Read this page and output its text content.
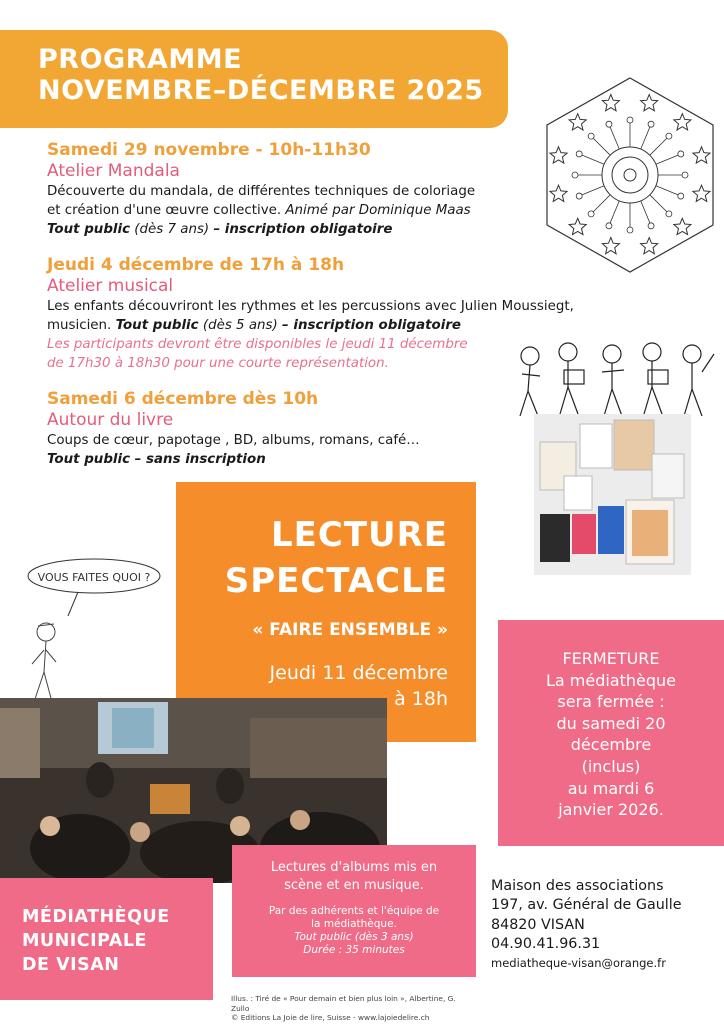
PROGRAMME
NOVEMBRE–DÉCEMBRE 2025
Samedi 29 novembre - 10h-11h30
Atelier Mandala
Découverte du mandala, de différentes techniques de coloriage
et création d'une œuvre collective. Animé par Dominique Maas
Tout public (dès 7 ans) – inscription obligatoire
Jeudi 4 décembre de 17h à 18h
Atelier musical
Les enfants découvriront les rythmes et les percussions avec Julien Moussiegt,
musicien. Tout public (dès 5 ans) – inscription obligatoire
Les participants devront être disponibles le jeudi 11 décembre
de 17h30 à 18h30 pour une courte représentation.
Samedi 6 décembre dès 10h
Autour du livre
Coups de cœur, papotage , BD, albums, romans, café…
Tout public – sans inscription
LECTURE
SPECTACLE
« FAIRE ENSEMBLE »
Jeudi 11 décembre
à 18h
VOUS FAITES QUOI ?
FERMETURE
La médiathèque
sera fermée :
du samedi 20
décembre
(inclus)
au mardi 6
janvier 2026.
Lectures d'albums mis en
scène et en musique.
Par des adhérents et l'équipe de
la médiathèque.
Tout public (dès 3 ans)
Durée : 35 minutes
MÉDIATHÈQUE
MUNICIPALE
DE VISAN
Maison des associations
197, av. Général de Gaulle
84820 VISAN
04.90.41.96.31
mediatheque-visan@orange.fr
Illus. : Tiré de « Pour demain et bien plus loin », Albertine, G.
Zullo
© Editions La Joie de lire, Suisse - www.lajoiedelire.ch
